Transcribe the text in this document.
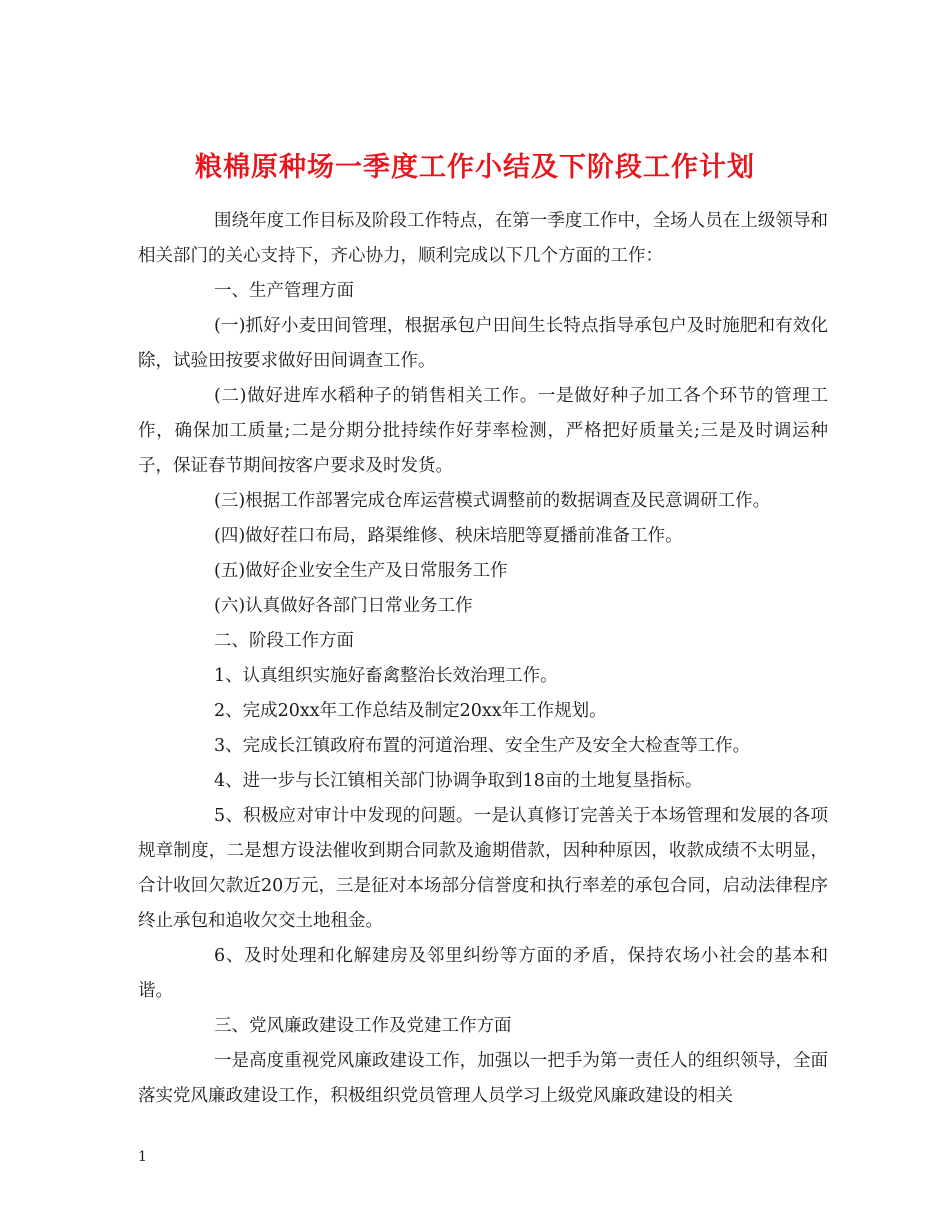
粮棉原种场一季度工作小结及下阶段工作计划

围绕年度工作目标及阶段工作特点，在第一季度工作中，全场人员在上级领导和相关部门的关心支持下，齐心协力，顺利完成以下几个方面的工作：

一、生产管理方面

(一)抓好小麦田间管理，根据承包户田间生长特点指导承包户及时施肥和有效化除，试验田按要求做好田间调查工作。

(二)做好进库水稻种子的销售相关工作。一是做好种子加工各个环节的管理工作，确保加工质量;二是分期分批持续作好芽率检测，严格把好质量关;三是及时调运种子，保证春节期间按客户要求及时发货。

(三)根据工作部署完成仓库运营模式调整前的数据调查及民意调研工作。

(四)做好茬口布局，路渠维修、秧床培肥等夏播前准备工作。

(五)做好企业安全生产及日常服务工作

(六)认真做好各部门日常业务工作

二、阶段工作方面

1、认真组织实施好畜禽整治长效治理工作。

2、完成20xx年工作总结及制定20xx年工作规划。

3、完成长江镇政府布置的河道治理、安全生产及安全大检查等工作。

4、进一步与长江镇相关部门协调争取到18亩的土地复垦指标。

5、积极应对审计中发现的问题。一是认真修订完善关于本场管理和发展的各项规章制度，二是想方设法催收到期合同款及逾期借款，因种种原因，收款成绩不太明显，合计收回欠款近20万元，三是征对本场部分信誉度和执行率差的承包合同，启动法律程序终止承包和追收欠交土地租金。

6、及时处理和化解建房及邻里纠纷等方面的矛盾，保持农场小社会的基本和谐。

三、党风廉政建设工作及党建工作方面

一是高度重视党风廉政建设工作，加强以一把手为第一责任人的组织领导，全面落实党风廉政建设工作，积极组织党员管理人员学习上级党风廉政建设的相关

1
